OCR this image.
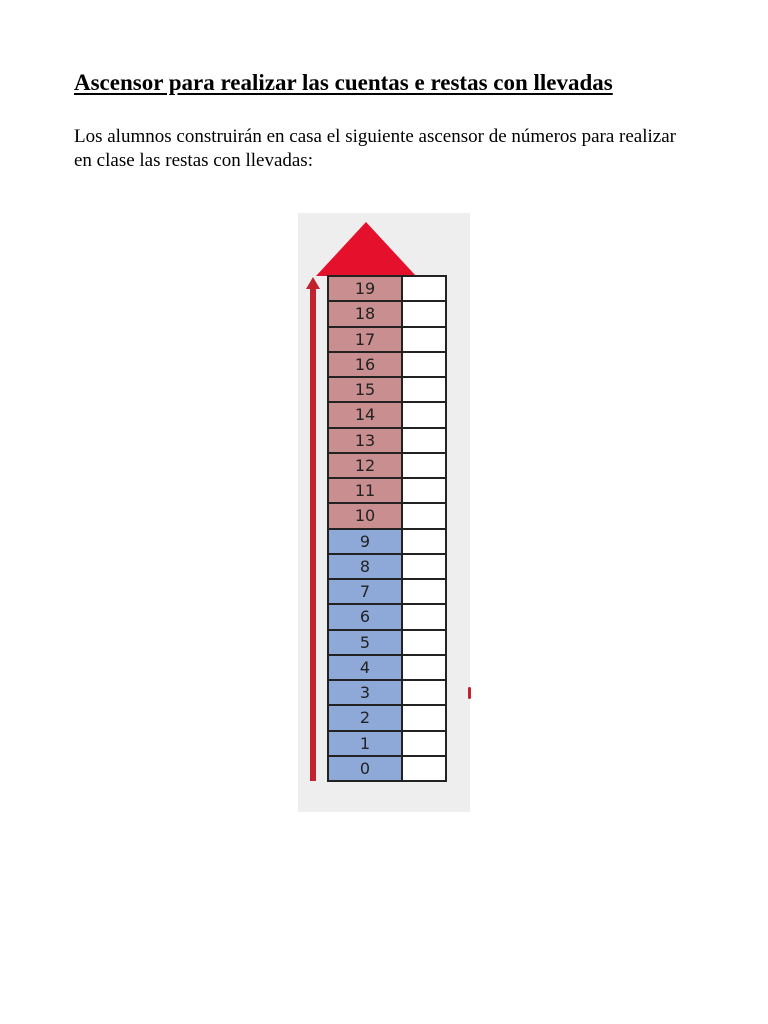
Ascensor para realizar las cuentas e restas con llevadas

Los alumnos construirán en casa el siguiente ascensor de números para realizar en clase las restas con llevadas:

19
18
17
16
15
14
13
12
11
10
9
8
7
6
5
4
3
2
1
0
